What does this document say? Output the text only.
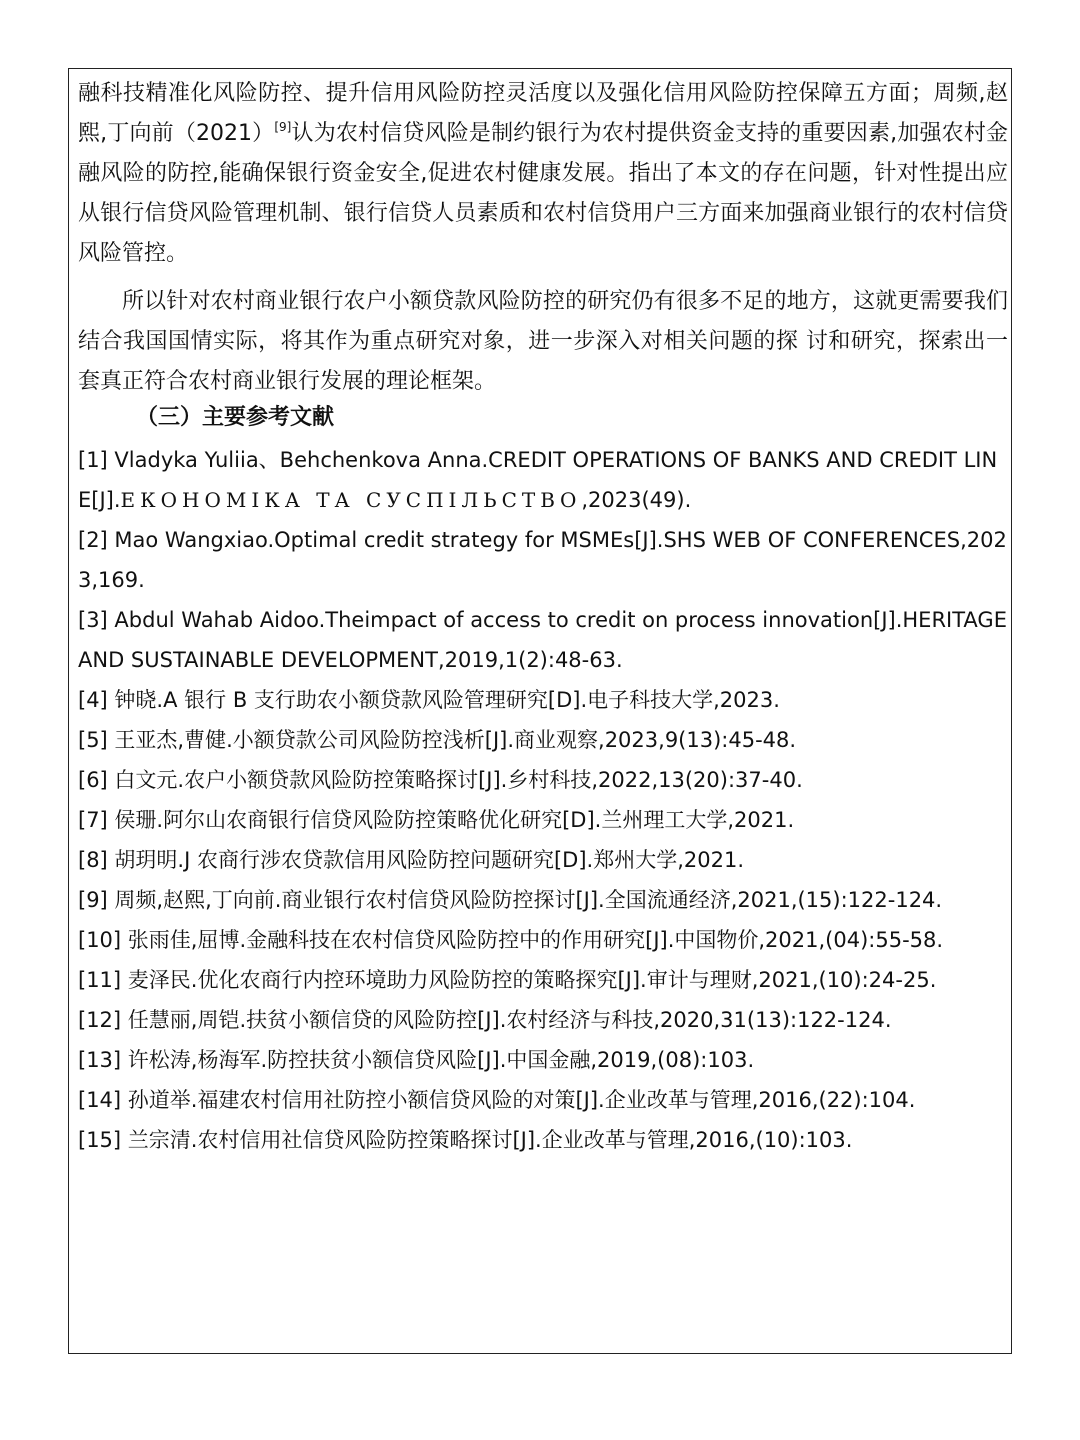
融科技精准化风险防控、提升信用风险防控灵活度以及强化信用风险防控保障五方面；周频,赵熙,丁向前（2021）[9]认为农村信贷风险是制约银行为农村提供资金支持的重要因素,加强农村金融风险的防控,能确保银行资金安全,促进农村健康发展。指出了本文的存在问题，针对性提出应从银行信贷风险管理机制、银行信贷人员素质和农村信贷用户三方面来加强商业银行的农村信贷风险管控。

所以针对农村商业银行农户小额贷款风险防控的研究仍有很多不足的地方，这就更需要我们结合我国国情实际，将其作为重点研究对象，进一步深入对相关问题的探 讨和研究，探索出一套真正符合农村商业银行发展的理论框架。

（三）主要参考文献
[1] Vladyka Yuliia、Behchenkova Anna.CREDIT OPERATIONS OF BANKS AND CREDIT LINE[J].ЕКОНОМІКА ТА СУСПІЛЬСТВО,2023(49).
[2] Mao Wangxiao.Optimal credit strategy for MSMEs[J].SHS WEB OF CONFERENCES,2023,169.
[3] Abdul Wahab Aidoo.Theimpact of access to credit on process innovation[J].HERITAGE AND SUSTAINABLE DEVELOPMENT,2019,1(2):48-63.
[4] 钟晓.A 银行 B 支行助农小额贷款风险管理研究[D].电子科技大学,2023.
[5] 王亚杰,曹健.小额贷款公司风险防控浅析[J].商业观察,2023,9(13):45-48.
[6] 白文元.农户小额贷款风险防控策略探讨[J].乡村科技,2022,13(20):37-40.
[7] 侯珊.阿尔山农商银行信贷风险防控策略优化研究[D].兰州理工大学,2021.
[8] 胡玥明.J 农商行涉农贷款信用风险防控问题研究[D].郑州大学,2021.
[9] 周频,赵熙,丁向前.商业银行农村信贷风险防控探讨[J].全国流通经济,2021,(15):122-124.
[10] 张雨佳,屈博.金融科技在农村信贷风险防控中的作用研究[J].中国物价,2021,(04):55-58.
[11] 麦泽民.优化农商行内控环境助力风险防控的策略探究[J].审计与理财,2021,(10):24-25.
[12] 任慧丽,周铠.扶贫小额信贷的风险防控[J].农村经济与科技,2020,31(13):122-124.
[13] 许松涛,杨海军.防控扶贫小额信贷风险[J].中国金融,2019,(08):103.
[14] 孙道举.福建农村信用社防控小额信贷风险的对策[J].企业改革与管理,2016,(22):104.
[15] 兰宗清.农村信用社信贷风险防控策略探讨[J].企业改革与管理,2016,(10):103.
